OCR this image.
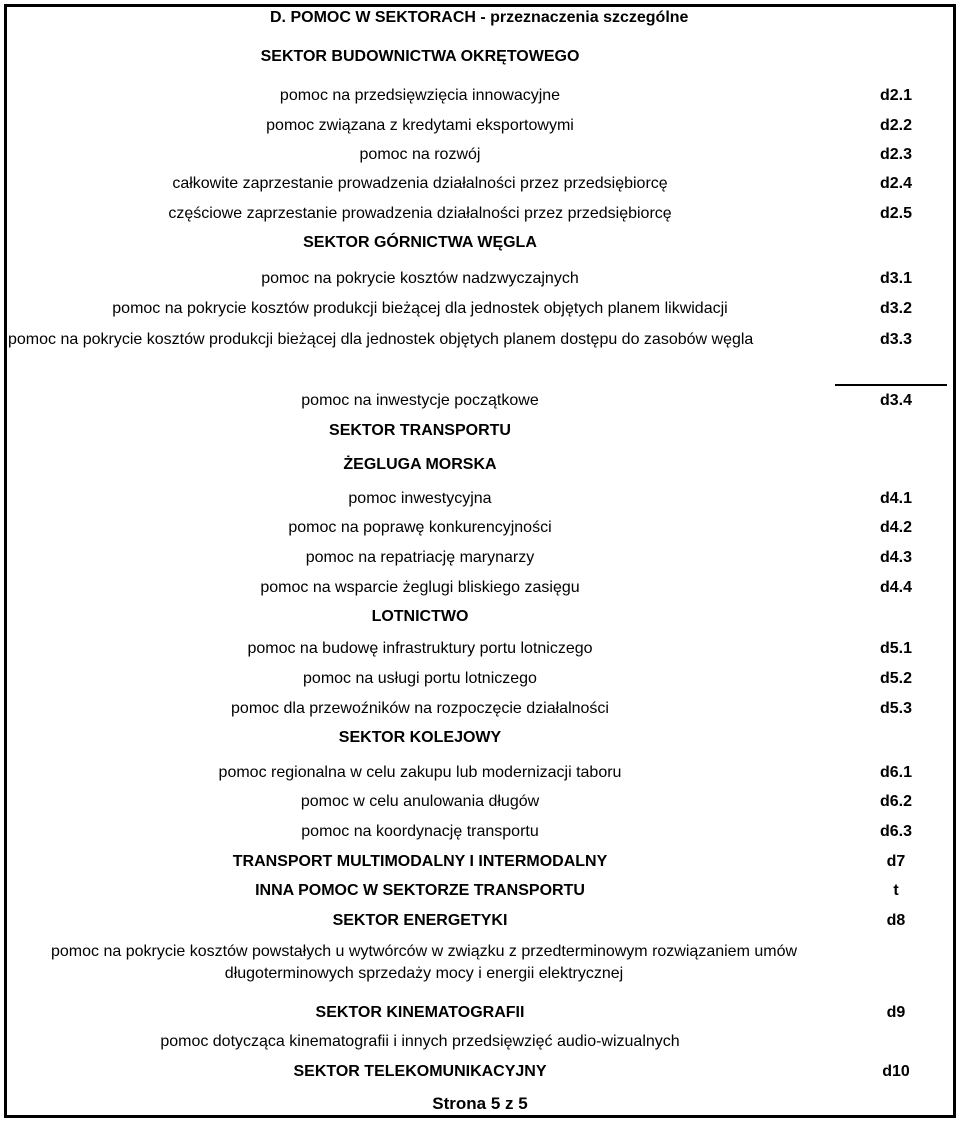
D. POMOC W SEKTORACH - przeznaczenia szczególne
SEKTOR BUDOWNICTWA OKRĘTOWEGO
pomoc na przedsięwzięcia innowacyjne	d2.1
pomoc związana z kredytami eksportowymi	d2.2
pomoc na rozwój	d2.3
całkowite zaprzestanie prowadzenia działalności przez przedsiębiorcę	d2.4
częściowe zaprzestanie prowadzenia działalności przez przedsiębiorcę	d2.5
SEKTOR GÓRNICTWA WĘGLA
pomoc na pokrycie kosztów nadzwyczajnych	d3.1
pomoc na pokrycie kosztów produkcji bieżącej dla jednostek objętych planem likwidacji	d3.2
pomoc na pokrycie kosztów produkcji bieżącej dla jednostek objętych planem dostępu do zasobów węgla	d3.3
pomoc na inwestycje początkowe	d3.4
SEKTOR TRANSPORTU
ŻEGLUGA MORSKA
pomoc inwestycyjna	d4.1
pomoc na poprawę konkurencyjności	d4.2
pomoc na repatriację marynarzy	d4.3
pomoc na wsparcie żeglugi bliskiego zasięgu	d4.4
LOTNICTWO
pomoc na budowę infrastruktury portu lotniczego	d5.1
pomoc na usługi portu lotniczego	d5.2
pomoc dla przewoźników na rozpoczęcie działalności	d5.3
SEKTOR KOLEJOWY
pomoc regionalna w celu zakupu lub modernizacji taboru	d6.1
pomoc w celu anulowania długów	d6.2
pomoc na koordynację transportu	d6.3
TRANSPORT MULTIMODALNY I INTERMODALNY	d7
INNA POMOC W SEKTORZE TRANSPORTU	t
SEKTOR ENERGETYKI	d8
pomoc na pokrycie kosztów powstałych u wytwórców w związku z przedterminowym rozwiązaniem umów długoterminowych sprzedaży mocy i energii elektrycznej
SEKTOR KINEMATOGRAFII	d9
pomoc dotycząca kinematografii i innych przedsięwzięć audio-wizualnych
SEKTOR TELEKOMUNIKACYJNY	d10
Strona 5 z 5
